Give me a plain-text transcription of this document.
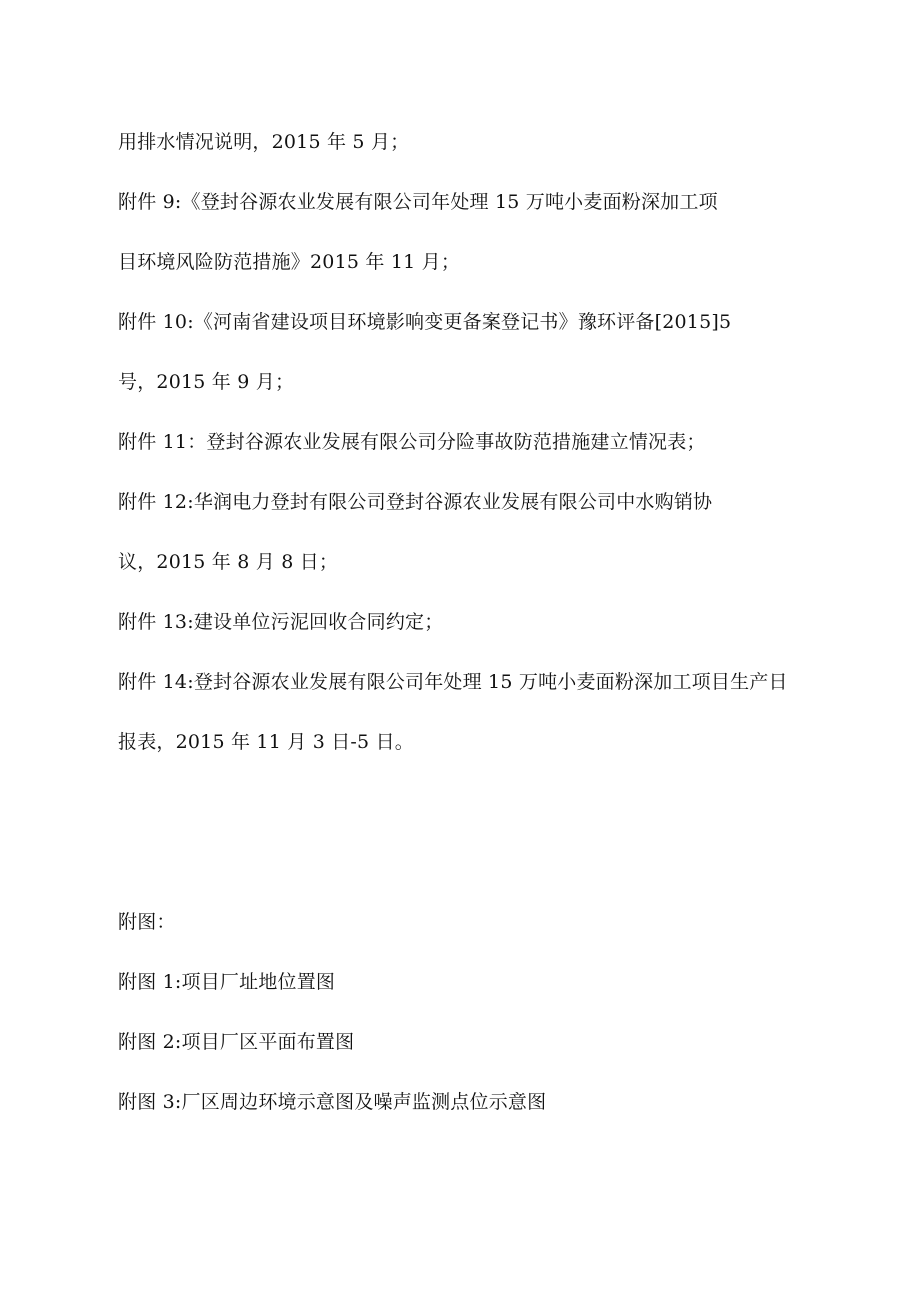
用排水情况说明，2015 年 5 月；
附件 9:《登封谷源农业发展有限公司年处理 15 万吨小麦面粉深加工项
目环境风险防范措施》2015 年 11 月；
附件 10:《河南省建设项目环境影响变更备案登记书》豫环评备[2015]5
号，2015 年 9 月；
附件 11：登封谷源农业发展有限公司分险事故防范措施建立情况表；
附件 12:华润电力登封有限公司登封谷源农业发展有限公司中水购销协
议，2015 年 8 月 8 日；
附件 13:建设单位污泥回收合同约定；
附件 14:登封谷源农业发展有限公司年处理 15 万吨小麦面粉深加工项目生产日
报表，2015 年 11 月 3 日-5 日。
附图：
附图 1:项目厂址地位置图
附图 2:项目厂区平面布置图
附图 3:厂区周边环境示意图及噪声监测点位示意图
